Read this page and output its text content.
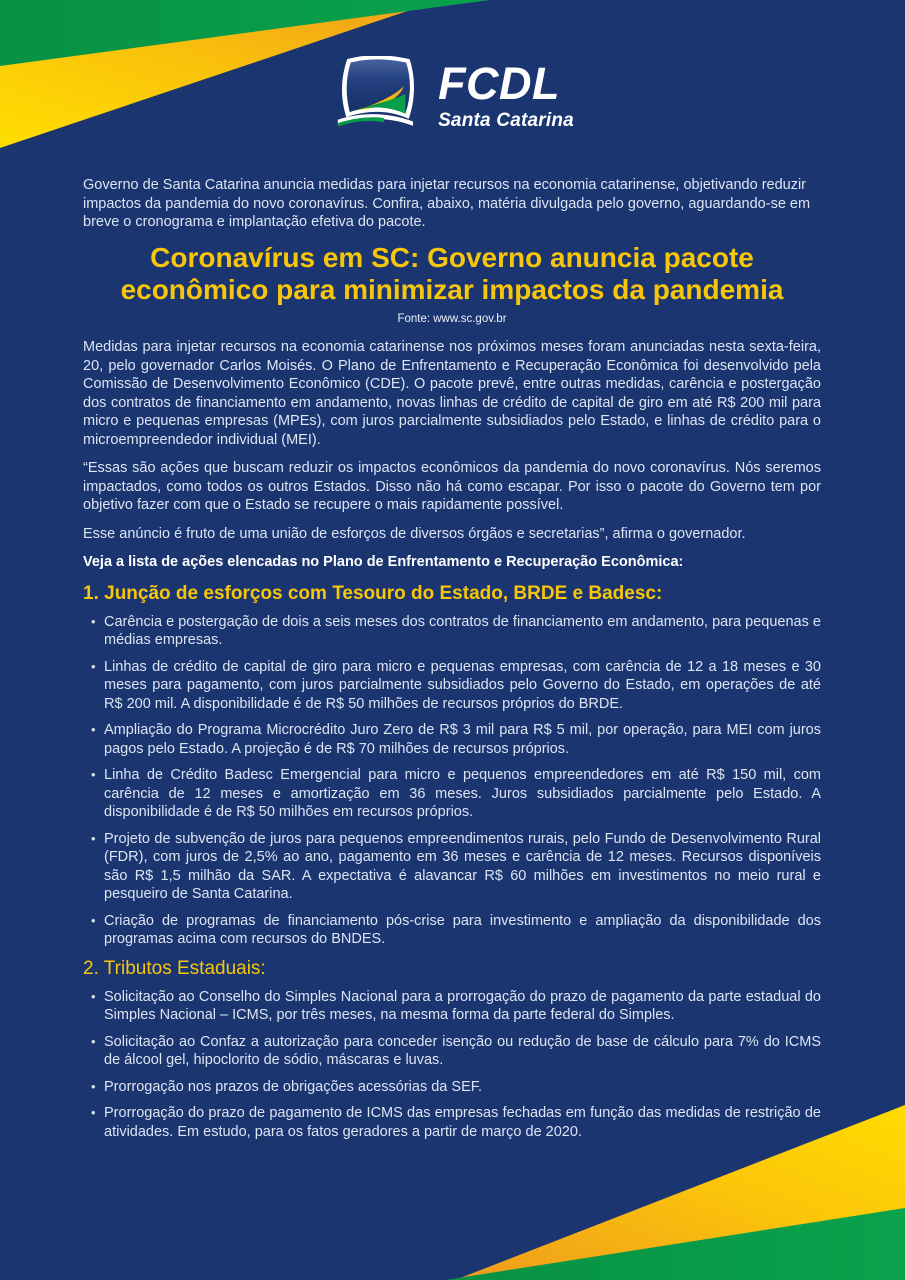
FCDL
Santa Catarina

Governo de Santa Catarina anuncia medidas para injetar recursos na economia catarinense, objetivando reduzir impactos da pandemia do novo coronavírus. Confira, abaixo, matéria divulgada pelo governo, aguardando-se em breve o cronograma e implantação efetiva do pacote.

Coronavírus em SC: Governo anuncia pacote econômico para minimizar impactos da pandemia

Fonte: www.sc.gov.br

Medidas para injetar recursos na economia catarinense nos próximos meses foram anunciadas nesta sexta-feira, 20, pelo governador Carlos Moisés. O Plano de Enfrentamento e Recuperação Econômica foi desenvolvido pela Comissão de Desenvolvimento Econômico (CDE). O pacote prevê, entre outras medidas, carência e postergação dos contratos de financiamento em andamento, novas linhas de crédito de capital de giro em até R$ 200 mil para micro e pequenas empresas (MPEs), com juros parcialmente subsidiados pelo Estado, e linhas de crédito para o microempreendedor individual (MEI).

“Essas são ações que buscam reduzir os impactos econômicos da pandemia do novo coronavírus. Nós seremos impactados, como todos os outros Estados. Disso não há como escapar. Por isso o pacote do Governo tem por objetivo fazer com que o Estado se recupere o mais rapidamente possível.

Esse anúncio é fruto de uma união de esforços de diversos órgãos e secretarias”, afirma o governador.

Veja a lista de ações elencadas no Plano de Enfrentamento e Recuperação Econômica:

1. Junção de esforços com Tesouro do Estado, BRDE e Badesc:
• Carência e postergação de dois a seis meses dos contratos de financiamento em andamento, para pequenas e médias empresas.
• Linhas de crédito de capital de giro para micro e pequenas empresas, com carência de 12 a 18 meses e 30 meses para pagamento, com juros parcialmente subsidiados pelo Governo do Estado, em operações de até R$ 200 mil. A disponibilidade é de R$ 50 milhões de recursos próprios do BRDE.
• Ampliação do Programa Microcrédito Juro Zero de R$ 3 mil para R$ 5 mil, por operação, para MEI com juros pagos pelo Estado. A projeção é de R$ 70 milhões de recursos próprios.
• Linha de Crédito Badesc Emergencial para micro e pequenos empreendedores em até R$ 150 mil, com carência de 12 meses e amortização em 36 meses. Juros subsidiados parcialmente pelo Estado. A disponibilidade é de R$ 50 milhões em recursos próprios.
• Projeto de subvenção de juros para pequenos empreendimentos rurais, pelo Fundo de Desenvolvimento Rural (FDR), com juros de 2,5% ao ano, pagamento em 36 meses e carência de 12 meses. Recursos disponíveis são R$ 1,5 milhão da SAR. A expectativa é alavancar R$ 60 milhões em investimentos no meio rural e pesqueiro de Santa Catarina.
• Criação de programas de financiamento pós-crise para investimento e ampliação da disponibilidade dos programas acima com recursos do BNDES.
2. Tributos Estaduais:
• Solicitação ao Conselho do Simples Nacional para a prorrogação do prazo de pagamento da parte estadual do Simples Nacional – ICMS, por três meses, na mesma forma da parte federal do Simples.
• Solicitação ao Confaz a autorização para conceder isenção ou redução de base de cálculo para 7% do ICMS de álcool gel, hipoclorito de sódio, máscaras e luvas.
• Prorrogação nos prazos de obrigações acessórias da SEF.
• Prorrogação do prazo de pagamento de ICMS das empresas fechadas em função das medidas de restrição de atividades. Em estudo, para os fatos geradores a partir de março de 2020.
